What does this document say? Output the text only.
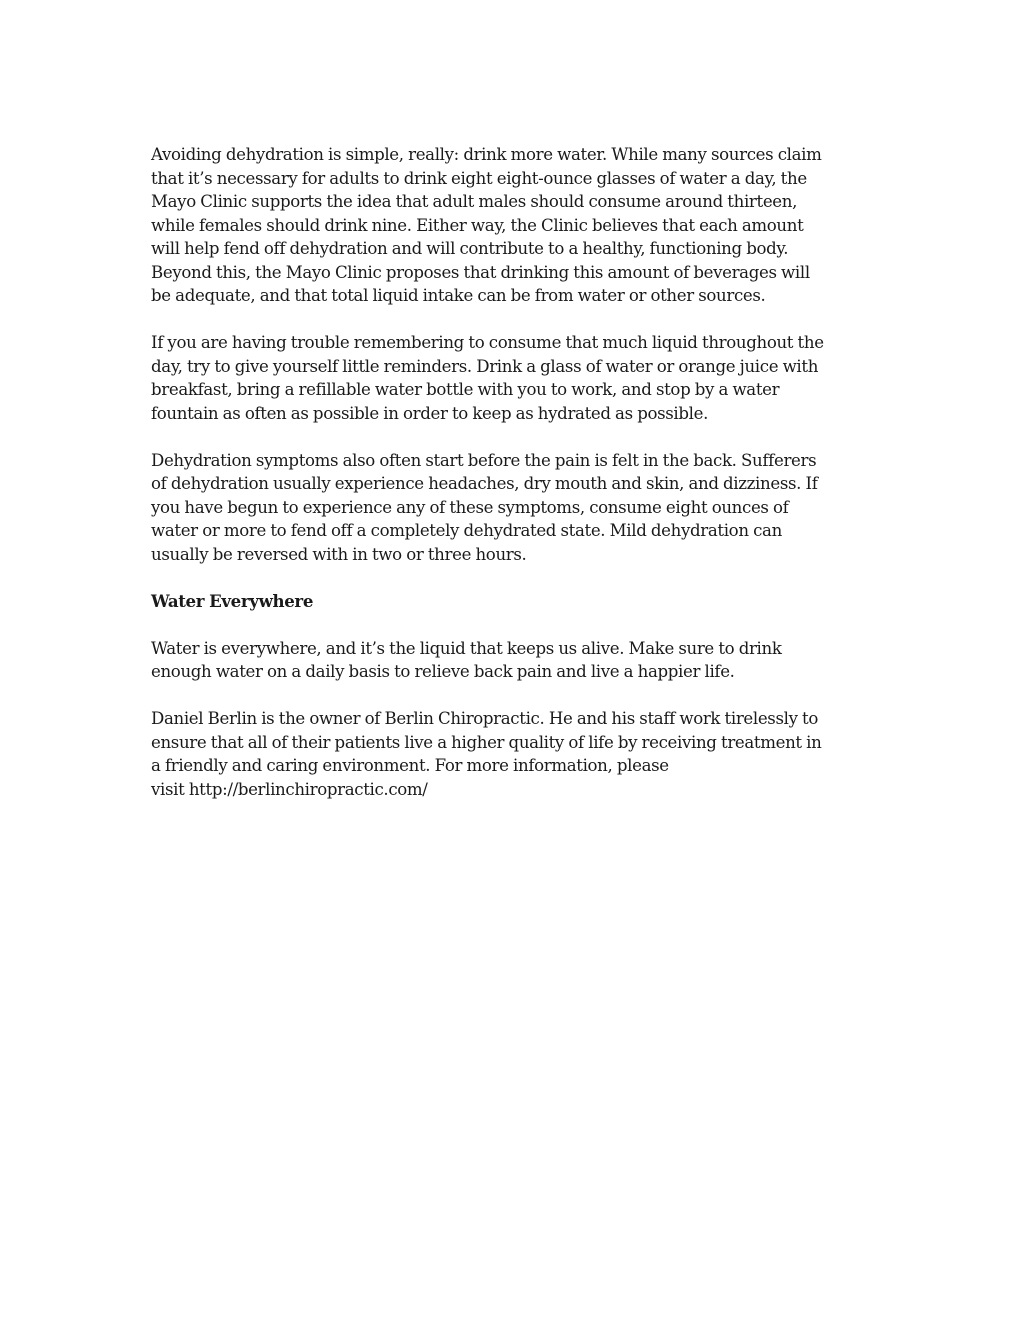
Avoiding dehydration is simple, really: drink more water. While many sources claim
that it’s necessary for adults to drink eight eight-ounce glasses of water a day, the
Mayo Clinic supports the idea that adult males should consume around thirteen,
while females should drink nine. Either way, the Clinic believes that each amount
will help fend off dehydration and will contribute to a healthy, functioning body.
Beyond this, the Mayo Clinic proposes that drinking this amount of beverages will
be adequate, and that total liquid intake can be from water or other sources.
If you are having trouble remembering to consume that much liquid throughout the
day, try to give yourself little reminders. Drink a glass of water or orange juice with
breakfast, bring a refillable water bottle with you to work, and stop by a water
fountain as often as possible in order to keep as hydrated as possible.
Dehydration symptoms also often start before the pain is felt in the back. Sufferers
of dehydration usually experience headaches, dry mouth and skin, and dizziness. If
you have begun to experience any of these symptoms, consume eight ounces of
water or more to fend off a completely dehydrated state. Mild dehydration can
usually be reversed with in two or three hours.
Water Everywhere
Water is everywhere, and it’s the liquid that keeps us alive. Make sure to drink
enough water on a daily basis to relieve back pain and live a happier life.
Daniel Berlin is the owner of Berlin Chiropractic. He and his staff work tirelessly to
ensure that all of their patients live a higher quality of life by receiving treatment in
a friendly and caring environment. For more information, please
visit http://berlinchiropractic.com/
